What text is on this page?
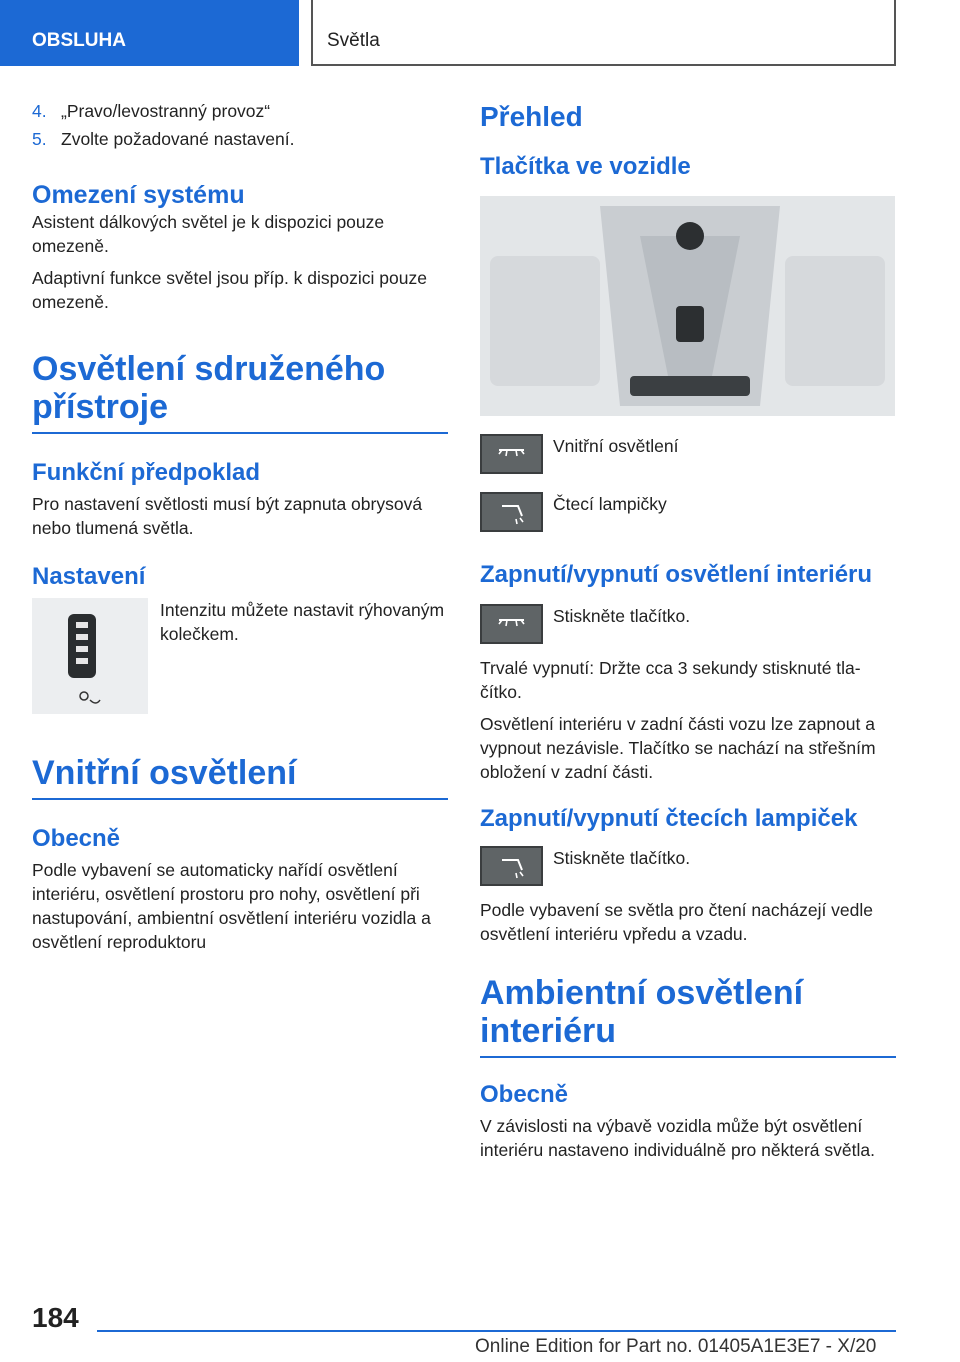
OBSLUHA	Světla
4. „Pravo/levostranný provoz“
5. Zvolte požadované nastavení.
Omezení systému

Asistent dálkových světel je k dispozici pouze omezeně.

Adaptivní funkce světel jsou příp. k dispozici pouze omezeně.

Osvětlení sdruženého přístroje
Funkční předpoklad

Pro nastavení světlosti musí být zapnuta obrysová nebo tlumená světla.

Nastavení

Intenzitu můžete nastavit rýhovaným kolečkem.

Vnitřní osvětlení
Obecně

Podle vybavení se automaticky nařídí osvětlení interiéru, osvětlení prostoru pro nohy, osvětlení při nastupování, ambientní osvětlení interiéru vozidla a osvětlení reproduktoru

Přehled
Tlačítka ve vozidle
Vnitřní osvětlení
Čtecí lampičky
Zapnutí/vypnutí osvětlení interiéru
Stiskněte tlačítko.

Trvalé vypnutí: Držte cca 3 sekundy stisknuté tlačítko.

Osvětlení interiéru v zadní části vozu lze zapnout a vypnout nezávisle. Tlačítko se nachází na střešním obložení v zadní části.

Zapnutí/vypnutí čtecích lampiček
Stiskněte tlačítko.

Podle vybavení se světla pro čtení nacházejí vedle osvětlení interiéru vpředu a vzadu.

Ambientní osvětlení interiéru
Obecně

V závislosti na výbavě vozidla může být osvětlení interiéru nastaveno individuálně pro některá světla.

184
Online Edition for Part no. 01405A1E3E7 - X/20
